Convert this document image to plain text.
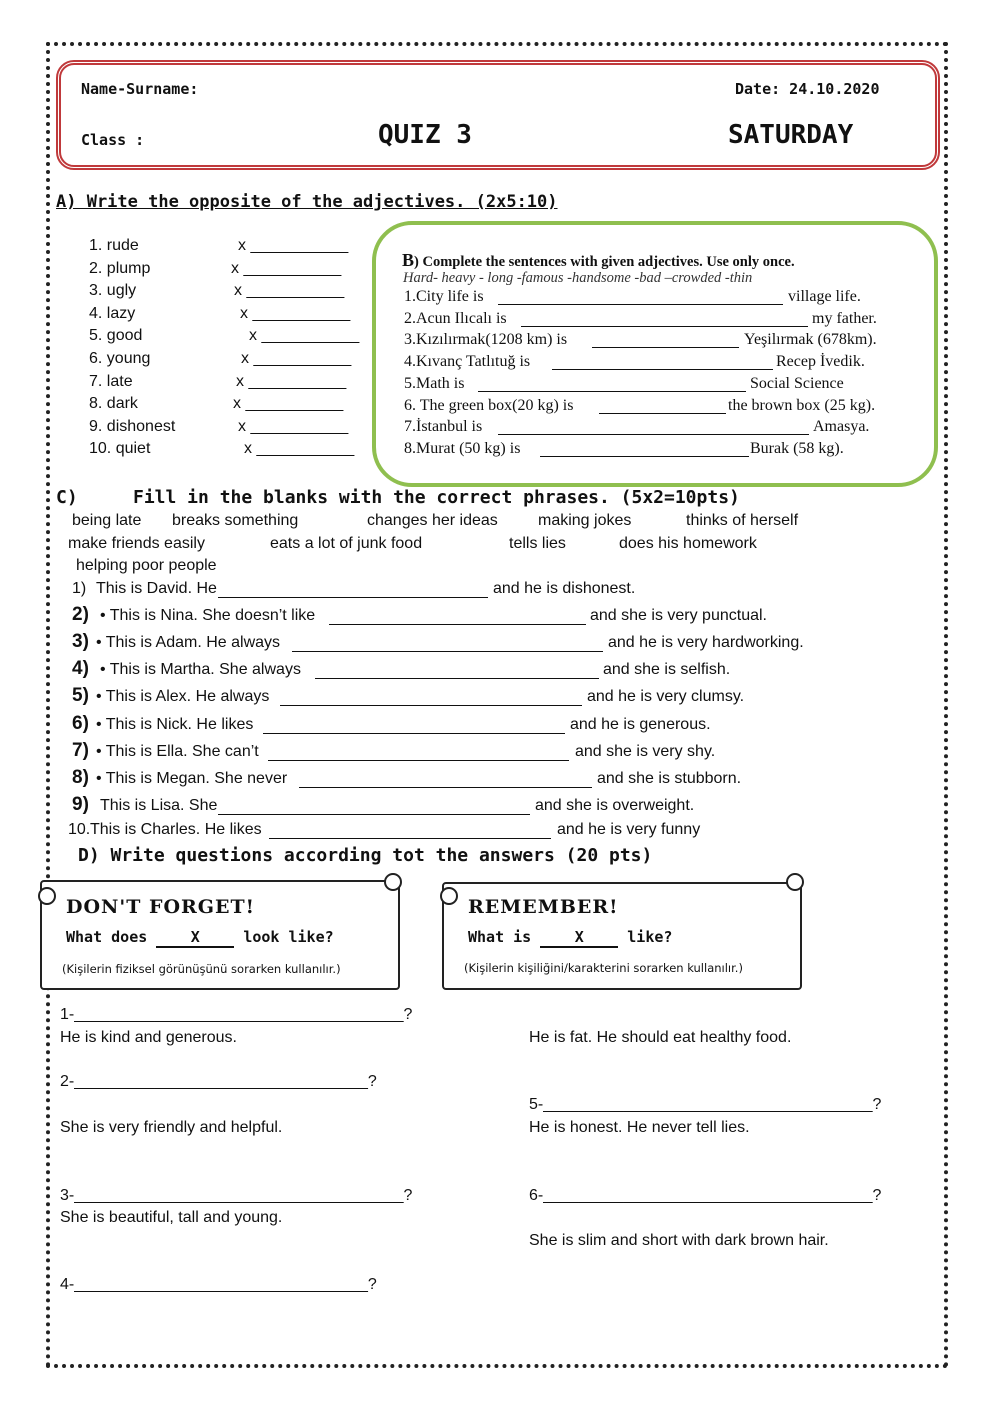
Name-Surname:	Date: 24.10.2020
Class :	QUIZ 3	SATURDAY
A) Write the opposite of the adjectives. (2x5:10)
1. rude	x ___________
2. plump	x ___________
3. ugly	x ___________
4. lazy	x ___________
5. good	x ___________
6. young	x ___________
7. late	x ___________
8. dark	x ___________
9. dishonest	x ___________
10. quiet	x ___________
B) Complete the sentences with given adjectives. Use only once.
Hard- heavy - long -famous -handsome -bad –crowded -thin
1.City life is	village life.
2.Acun Ilıcalı is	my father.
3.Kızılırmak(1208 km) is	Yeşilırmak (678km).
4.Kıvanç Tatlıtuğ is	Recep İvedik.
5.Math is	Social Science
6. The green box(20 kg) is	the brown box (25 kg).
7.İstanbul is	Amasya.
8.Murat (50 kg) is	Burak (58 kg).
C)	Fill in the blanks with the correct phrases. (5x2=10pts)
being late breaks something	changes her ideas	making jokes	thinks of herself
make friends easily	eats a lot of junk food	tells lies	does his homework
helping poor people
1) This is David. He	and he is dishonest.
2) • This is Nina. She doesn’t like	and she is very punctual.
3) • This is Adam. He always	and he is very hardworking.
4) • This is Martha. She always	and she is selfish.
5) • This is Alex. He always	and he is very clumsy.
6) • This is Nick. He likes	and he is generous.
7) • This is Ella. She can’t	and she is very shy.
8) • This is Megan. She never	and she is stubborn.
9) This is Lisa. She	and she is overweight.
10. This is Charles. He likes	and he is very funny
D) Write questions according tot the answers (20 pts)
DON'T FORGET!
What does	X	look like?
(Kişilerin fiziksel görünüşünü sorarken kullanılır.)
REMEMBER!
What is	X	like?
(Kişilerin kişiliğini/karakterini sorarken kullanılır.)
1-_____________________________________?
He is kind and generous.	He is fat. He should eat healthy food.
2-_________________________________?
5-_____________________________________?
She is very friendly and helpful.	He is honest. He never tell lies.
3-_____________________________________?	6-_____________________________________?
She is beautiful, tall and young.
She is slim and short with dark brown hair.
4-_________________________________?
